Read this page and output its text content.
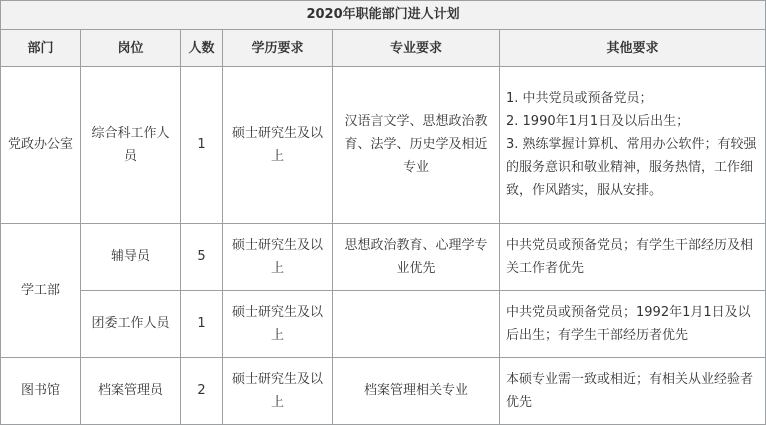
2020年职能部门进人计划					
部门	岗位	人数	学历要求	专业要求	其他要求
党政办公室	综合科工作人员	1	硕士研究生及以上	汉语言文学、思想政治教育、法学、历史学及相近专业	1. 中共党员或预备党员；
2. 1990年1月1日及以后出生；
3. 熟练掌握计算机、常用办公软件；有较强的服务意识和敬业精神，服务热情，工作细致，作风踏实，服从安排。

学工部	辅导员	5	硕士研究生及以上	思想政治教育、心理学专业优先	中共党员或预备党员；有学生干部经历及相关工作者优先

	团委工作人员	1	硕士研究生及以上		中共党员或预备党员；1992年1月1日及以后出生；有学生干部经历者优先

图书馆	档案管理员	2	硕士研究生及以上	档案管理相关专业	本硕专业需一致或相近；有相关从业经验者优先
